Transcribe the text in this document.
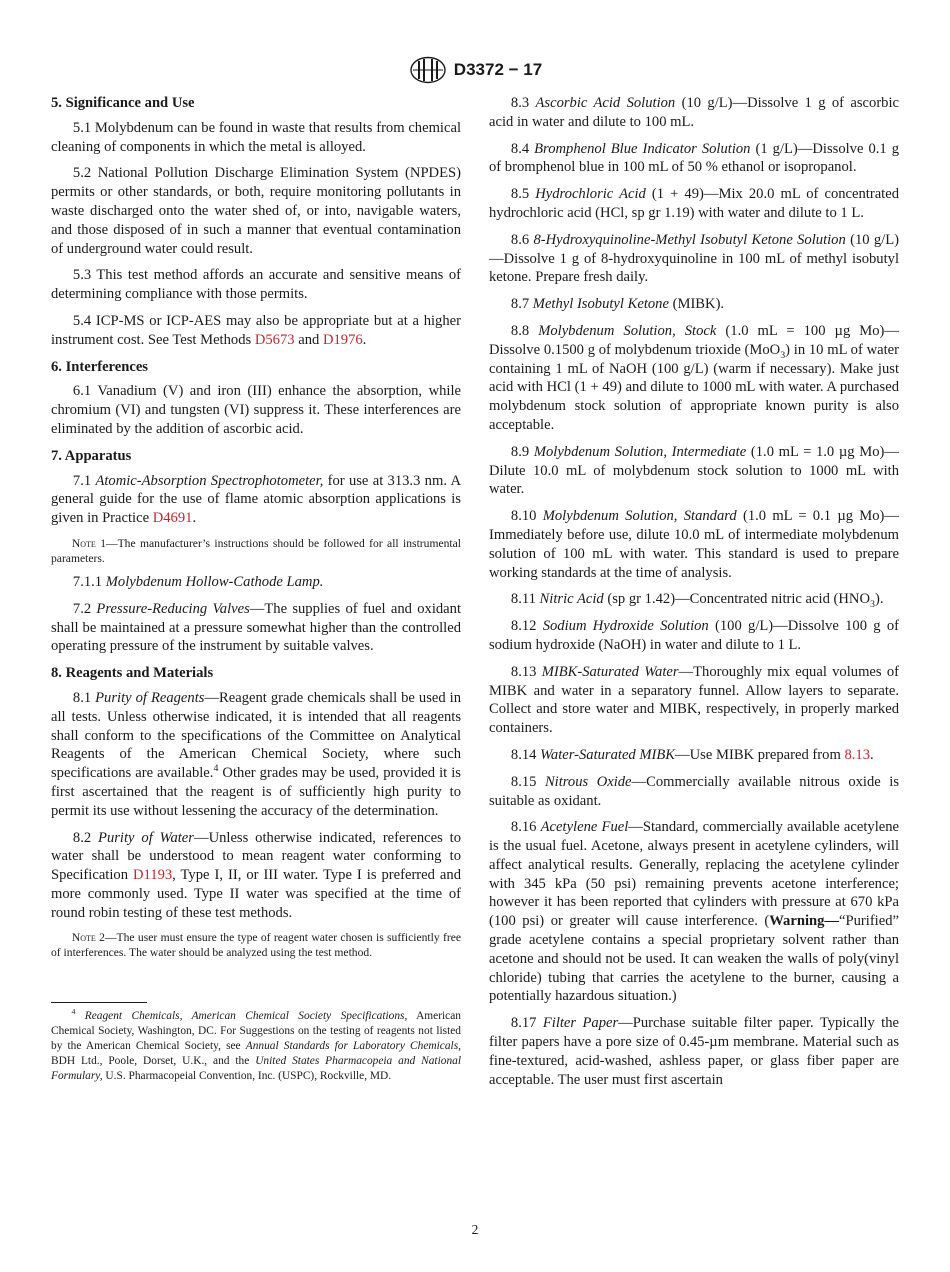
D3372 − 17
5. Significance and Use

5.1 Molybdenum can be found in waste that results from chemical cleaning of components in which the metal is alloyed.

5.2 National Pollution Discharge Elimination System (NPDES) permits or other standards, or both, require monitoring pollutants in waste discharged onto the water shed of, or into, navigable waters, and those disposed of in such a manner that eventual contamination of underground water could result.

5.3 This test method affords an accurate and sensitive means of determining compliance with those permits.

5.4 ICP-MS or ICP-AES may also be appropriate but at a higher instrument cost. See Test Methods D5673 and D1976.

6. Interferences

6.1 Vanadium (V) and iron (III) enhance the absorption, while chromium (VI) and tungsten (VI) suppress it. These interferences are eliminated by the addition of ascorbic acid.

7. Apparatus

7.1 Atomic-Absorption Spectrophotometer, for use at 313.3 nm. A general guide for the use of flame atomic absorption applications is given in Practice D4691.

Note 1—The manufacturer’s instructions should be followed for all instrumental parameters.

7.1.1 Molybdenum Hollow-Cathode Lamp.

7.2 Pressure-Reducing Valves—The supplies of fuel and oxidant shall be maintained at a pressure somewhat higher than the controlled operating pressure of the instrument by suitable valves.

8. Reagents and Materials

8.1 Purity of Reagents—Reagent grade chemicals shall be used in all tests. Unless otherwise indicated, it is intended that all reagents shall conform to the specifications of the Committee on Analytical Reagents of the American Chemical Society, where such specifications are available.$^4$ Other grades may be used, provided it is first ascertained that the reagent is of sufficiently high purity to permit its use without lessening the accuracy of the determination.

8.2 Purity of Water—Unless otherwise indicated, references to water shall be understood to mean reagent water conforming to Specification D1193, Type I, II, or III water. Type I is preferred and more commonly used. Type II water was specified at the time of round robin testing of these test methods.

Note 2—The user must ensure the type of reagent water chosen is sufficiently free of interferences. The water should be analyzed using the test method.

$^4$ Reagent Chemicals, American Chemical Society Specifications, American Chemical Society, Washington, DC. For Suggestions on the testing of reagents not listed by the American Chemical Society, see Annual Standards for Laboratory Chemicals, BDH Ltd., Poole, Dorset, U.K., and the United States Pharmacopeia and National Formulary, U.S. Pharmacopeial Convention, Inc. (USPC), Rockville, MD.

8.3 Ascorbic Acid Solution (10 g/L)—Dissolve 1 g of ascorbic acid in water and dilute to 100 mL.

8.4 Bromphenol Blue Indicator Solution (1 g/L)—Dissolve 0.1 g of bromphenol blue in 100 mL of 50 % ethanol or isopropanol.

8.5 Hydrochloric Acid (1 + 49)—Mix 20.0 mL of concentrated hydrochloric acid (HCl, sp gr 1.19) with water and dilute to 1 L.

8.6 8-Hydroxyquinoline-Methyl Isobutyl Ketone Solution (10 g/L)—Dissolve 1 g of 8-hydroxyquinoline in 100 mL of methyl isobutyl ketone. Prepare fresh daily.

8.7 Methyl Isobutyl Ketone (MIBK).

8.8 Molybdenum Solution, Stock (1.0 mL = 100 µg Mo)—Dissolve 0.1500 g of molybdenum trioxide (MoO$_3$) in 10 mL of water containing 1 mL of NaOH (100 g/L) (warm if necessary). Make just acid with HCl (1 + 49) and dilute to 1000 mL with water. A purchased molybdenum stock solution of appropriate known purity is also acceptable.

8.9 Molybdenum Solution, Intermediate (1.0 mL = 1.0 µg Mo)—Dilute 10.0 mL of molybdenum stock solution to 1000 mL with water.

8.10 Molybdenum Solution, Standard (1.0 mL = 0.1 µg Mo)—Immediately before use, dilute 10.0 mL of intermediate molybdenum solution of 100 mL with water. This standard is used to prepare working standards at the time of analysis.

8.11 Nitric Acid (sp gr 1.42)—Concentrated nitric acid $(HNO_3)$.

8.12 Sodium Hydroxide Solution (100 g/L)—Dissolve 100 g of sodium hydroxide (NaOH) in water and dilute to 1 L.

8.13 MIBK-Saturated Water—Thoroughly mix equal volumes of MIBK and water in a separatory funnel. Allow layers to separate. Collect and store water and MIBK, respectively, in properly marked containers.

8.14 Water-Saturated MIBK—Use MIBK prepared from 8.13.

8.15 Nitrous Oxide—Commercially available nitrous oxide is suitable as oxidant.

8.16 Acetylene Fuel—Standard, commercially available acetylene is the usual fuel. Acetone, always present in acetylene cylinders, will affect analytical results. Generally, replacing the acetylene cylinder with 345 kPa (50 psi) remaining prevents acetone interference; however it has been reported that cylinders with pressure at 670 kPa (100 psi) or greater will cause interference. (Warning—“Purified” grade acetylene contains a special proprietary solvent rather than acetone and should not be used. It can weaken the walls of poly(vinyl chloride) tubing that carries the acetylene to the burner, causing a potentially hazardous situation.)

8.17 Filter Paper—Purchase suitable filter paper. Typically the filter papers have a pore size of 0.45-µm membrane. Material such as fine-textured, acid-washed, ashless paper, or glass fiber paper are acceptable. The user must first ascertain

2
